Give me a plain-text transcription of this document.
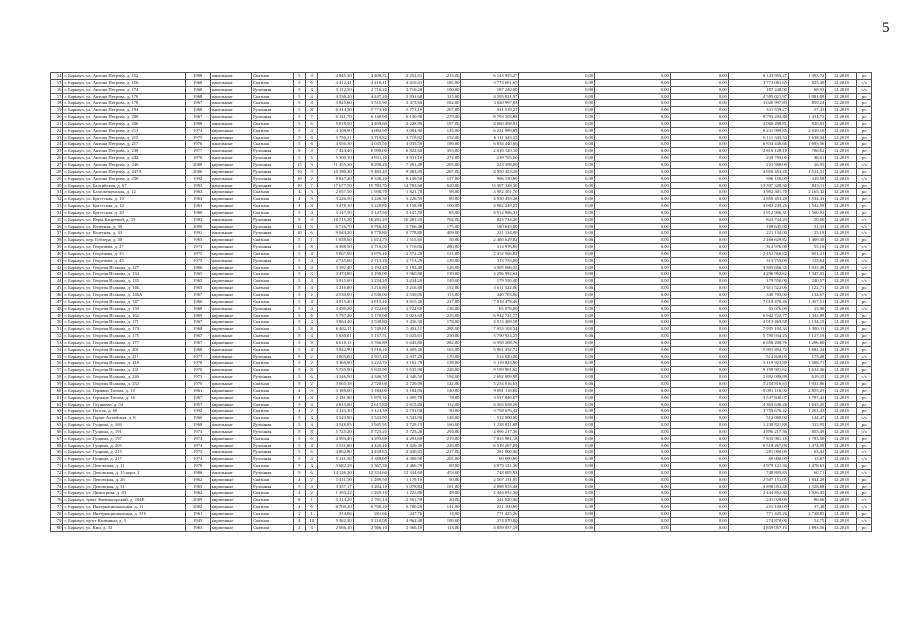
5
14	г. Барнаул, ул. Антона Петрова, д. 152	1968	панельные	Скатная	5	4	4 845,30	4 408,31	4 252,61	213,00	6 143 955,27	0,00	0,00	0,00	6 143 955,27	1 393,72	12.2018	ро
15	г. Барнаул, ул. Антона Петрова, д. 156	1968	панельные	Скатная	5	6	4 412,41	4 410,41	4 410,41	185,00	3 773 061,65	0,00	0,00	0,00	3 773 061,65	855,49	12.2018	с/с
16	г. Барнаул, ул. Антона Петрова, д. 174	1968	панельные	Рулонная	5	4	3 112,50	2 716,20	2 716,20	100,00	187 240,00	0,00	0,00	0,00	187 240,00	68,93	12.2018	с/с
17	г. Барнаул, ул. Антона Петрова, д. 176	1968	панельные	Скатная	5	4	4 536,20	4 247,20	2 831,60	115,00	4 595 021,97	0,00	0,00	0,00	4 595 021,97	1 081,89	12.2018	ро
18	г. Барнаул, ул. Антона Петрова, д. 178	1967	панельные	Скатная	5	4	3 825,60	3 515,90	3 473,60	162,00	3 020 997,83	0,00	0,00	0,00	3 020 997,83	859,24	12.2018	ро
19	г. Барнаул, ул. Антона Петрова, д. 194	1968	панельные	Рулонная	5	8	6 214,50	5 773,10	5 773,10	267,00	331 539,27	0,00	0,00	0,00	331 539,27	57,43	12.2018	ро
20	г. Барнаул, ул. Антона Петрова, д. 200	1967	панельные	Рулонная	5	7	6 141,70	6 140,90	6 140,90	279,00	8 793 203,88	0,00	0,00	0,00	8 793 203,88	1 431,72	12.2018	ро
21	г. Барнаул, ул. Антона Петрова, д. 206	1968	панельные	Скатная	5	6	5 018,50	4 409,60	4 228,90	197,00	4 060 498,81	0,00	0,00	0,00	4 060 498,81	920,83	12.2018	ро
22	г. Барнаул, ул. Антона Петрова, д. 213	1974	кирпичные	Скатная	5	4	4 108,90	3 084,90	3 084,90	145,00	6 231 989,85	0,00	0,00	0,00	6 231 989,85	2 020,16	12.2018	ро
23	г. Барнаул, ул. Антона Петрова, д. 215	1975	кирпичные	Скатная	5	4	3 750,21	3 719,82	3 719,82	152,00	6 111 343,53	0,00	0,00	0,00	6 111 343,53	1 638,34	12.2018	ро
24	г. Барнаул, ул. Антона Петрова, д. 217	1976	панельные	Скатная	5	6	4 056,30	4 035,50	4 035,50	186,00	6 834 440,66	0,00	0,00	0,00	6 834 440,66	1 693,56	12.2018	ро
25	г. Барнаул, ул. Антона Петрова, д. 238	1977	панельные	Рулонная	9	4	7 423,40	6 998,00	6 822,60	353,00	2 610 120,10	0,00	0,00	0,00	2 610 120,10	786,62	12.2018	ро
26	г. Барнаул, ул. Антона Петрова, д. 242	1970	панельные	Рулонная	5	5	5 300,10	4 931,10	4 931,10	272,00	239 705,00	0,00	0,00	0,00	239 705,00	48,61	12.2018	ро
27	г. Барнаул, ул. Антона Петрова, д. 246	2008	кирпичные	Рулонная	15	3	11 455,30	8 290,20	7 281,40	205,00	223 398,00	0,00	0,00	0,00	223 398,00	26,95	12.2018	с/с
28	г. Барнаул, ул. Антона Петрова, д. 247А	2006	кирпичные	Рулонная	10	3	10 180,30	9 483,40	9 483,40	267,00	4 950 453,28	0,00	0,00	0,00	4 950 453,28	1 534,31	12.2018	ро
29	г. Барнаул, ул. Антона Петрова, д. 250	1992	панельные	Рулонная	10	2	8 847,20	8 330,20	8 149,50	157,00	996 150,00	0,00	0,00	0,00	996 150,00	119,58	12.2018	с/с
30	г. Барнаул, ул. Балтийская, д. 67	1993	панельные	Рулонная	10	7	17 677,50	15 783,70	14 783,60	620,00	13 307 328,30	0,00	0,00	0,00	13 307 328,30	843,11	12.2018	ро
31	г. Барнаул, ул. Благовещенская, д. 12	1963	кирпичные	Скатная	4	3	2 057,50	1 930,70	1 821,70	98,00	3 982 301,70	0,00	0,00	0,00	3 982 301,70	2 165,32	12.2018	ро
32	г. Барнаул, ул. Брестская, д. 10	1964	кирпичные	Скатная	4	3	3 226,50	3 226,50	3 226,50	89,00	4 950 453,28	0,00	0,00	0,00	4 950 453,28	1 534,31	12.2018	ро
33	г. Барнаул, ул. Брестская, д. 12	1963	кирпичные	Скатная	4	3	3 478,10	3 229,80	3 158,80	100,00	4 982 249,25	0,00	0,00	0,00	4 982 249,25	1 542,59	12.2018	ро
34	г. Барнаул, ул. Брестская, д. 20	1980	кирпичные	Скатная	5	4	3 147,50	3 147,50	3 147,50	85,00	4 912 996,31	0,00	0,00	0,00	4 912 996,31	1 560,92	12.2018	ро
35	г. Барнаул, ул. Веры Кащеевой, д. 15	1983	панельные	Рулонная	9	4	18 715,20	16 281,20	16 281,20	702,00	823 734,20	0,00	0,00	0,00	823 734,20	50,60	12.2018	с/с
36	г. Барнаул, ул. Взлетная, д. 30	2006	кирпичные	Рулонная	12	3	6 726,70	5 766,40	5 766,40	175,00	180 645,00	0,00	0,00	0,00	180 645,00	31,33	12.2018	с/с
37	г. Барнаул, ул. Взлетная, д. 43	1991	панельные	Рулонная	10	6	9 944,20	8 778,80	8 778,80	409,00	221 134,00	0,00	0,00	0,00	221 134,00	25,19	12.2018	с/с
38	г. Барнаул, пер. Гоблера, д. 30	1965	кирпичные	Скатная	5	1	1 838,60	1 674,70	1 515,60	50,00	2 460 629,82	0,00	0,00	0,00	2 460 629,82	1 469,30	12.2018	ро
39	г. Барнаул, ул. Георгиева, д. 27	1973	кирпичные	Рулонная	5	8	6 388,50	5 716,00	5 716,00	280,00	314 976,00	0,00	0,00	0,00	314 976,00	55,10	12.2018	с/с
40	г. Барнаул, ул. Георгиева, д. 33	1975	кирпичные	Скатная	5	4	5 067,90	4 079,40	2 572,20	131,00	2 452 566,82	0,00	0,00	0,00	2 452 566,82	601,21	12.2018	ро
41	г. Барнаул, ул. Георгиева, д. 43	1975	панельные	Рулонная	5	4	2 745,60	2 713,20	2 713,20	139,00	313 755,00	0,00	0,00	0,00	313 755,00	115,64	12.2018	с/с
42	г. Барнаул, ул. Георгия Исакова, д. 127	1966	кирпичные	Скатная	5	4	3 192,40	3 192,40	3 192,40	128,00	3 305 666,35	0,00	0,00	0,00	3 305 666,35	1 035,48	12.2018	с/с
43	г. Барнаул, ул. Георгия Исакова, д. 134	1965	кирпичные	Скатная	5	3	3 473,80	3 190,00	3 060,80	139,00	4 296 992,62	0,00	0,00	0,00	4 296 992,62	1 347,02	12.2018	ро
44	г. Барнаул, ул. Георгия Исакова, д. 135	1965	кирпичные	Скатная	5	4	3 915,00	3 234,20	3 234,20	149,00	179 550,00	0,00	0,00	0,00	179 550,00	240,57	12.2018	с/с
45	г. Барнаул, ул. Георгия Исакова, д. 146	1965	кирпичные	Скатная	5	4	3 216,80	3 216,80	3 216,80	152,00	3 611 522,06	0,00	0,00	0,00	3 611 522,06	1 122,71	12.2018	ро
46	г. Барнаул, ул. Георгия Исакова, д. 146А	1967	кирпичные	Скатная	5	2	2 530,00	2 530,00	2 530,00	113,00	340 703,00	0,00	0,00	0,00	340 703,00	134,67	12.2018	с/с
47	г. Барнаул, ул. Георгия Исакова, д. 147	1966	кирпичные	Скатная	5	4	4 815,40	4 815,40	4 815,40	237,00	7 018 478,46	0,00	0,00	0,00	7 018 478,46	1 457,51	12.2018	ро
48	г. Барнаул, ул. Георгия Исакова, д. 159	1968	панельные	Рулонная	5	4	3 430,20	2 722,60	2 722,60	136,00	65 076,00	0,00	0,00	0,00	65 076,00	23,90	12.2018	с/с
49	г. Барнаул, ул. Георгия Исакова, д. 162	1969	кирпичные	Скатная	5	6	5 797,20	5 170,00	5 023,60	225,00	6 942 722,77	0,00	0,00	0,00	6 942 722,77	1 342,89	12.2018	ро
50	г. Барнаул, ул. Георгия Исакова, д. 171	1967	кирпичные	Скатная	5	4	3 864,40	3 538,80	3 436,30	178,00	4 013 469,58	0,00	0,00	0,00	4 013 469,58	1 134,15	12.2018	ро
51	г. Барнаул, ул. Георгия Исакова, д. 173	1968	кирпичные	Скатная	5	8	6 402,11	5 749,61	5 452,11	288,00	7 935 104,34	0,00	0,00	0,00	7 935 104,34	1 380,11	12.2018	ро
52	г. Барнаул, ул. Георгия Исакова, д. 175	1967	панельные	Скатная	5	4	5 630,01	5 137,51	5 025,61	250,00	5 790 934,25	0,00	0,00	0,00	5 790 934,25	1 127,19	12.2018	ро
53	г. Барнаул, ул. Георгия Исакова, д. 177	1967	кирпичные	Скатная	5	8	6 610,11	5 766,80	5 643,80	282,00	6 958 208,76	0,00	0,00	0,00	6 958 208,76	1 206,60	12.2018	ро
54	г. Барнаул, ул. Георгия Исакова, д. 201	1968	панельные	Скатная	5	4	3 842,90	3 510,20	3 405,40	163,00	5 901 492,72	0,00	0,00	0,00	5 901 492,72	1 681,24	12.2018	ро
55	г. Барнаул, ул. Георгия Исакова, д. 211	1977	панельные	Рулонная	9	2	3 805,00	2 937,20	2 937,20	170,00	514 820,00	0,00	0,00	0,00	514 820,00	175,28	12.2018	с/с
56	г. Барнаул, ул. Георгия Исакова, д. 218	1978	кирпичные	Скатная	5	2	3 366,90	3 222,70	3 162,70	158,00	5 119 923,80	0,00	0,00	0,00	5 119 923,80	1 588,71	12.2018	ро
57	г. Барнаул, ул. Георгия Исакова, д. 231	1970	панельные	Скатная	5	8	5 735,90	5 635,90	5 635,90	226,00	9 199 901,62	0,00	0,00	0,00	9 199 901,62	1 632,36	12.2018	ро
58	г. Барнаул, ул. Георгия Исакова, д. 246	1973	панельные	Рулонная	5	6	4 346,50	4 346,50	4 346,50	194,00	2 692 009,99	0,00	0,00	0,00	2 692 009,99	619,35	12.2018	с/с
59	г. Барнаул, ул. Георгия Исакова, д. 252	1970	панельные	Скатная	5	2	3 065,18	2 720,08	2 720,08	122,00	5 254 816,63	0,00	0,00	0,00	5 254 816,63	1 931,86	12.2018	ро
60	г. Барнаул, ул. Германа Титова, д. 10	1961	кирпичные	Скатная	4	3	3 188,00	3 184,00	3 184,00	140,00	9 091 116,00	0,00	0,00	0,00	9 091 116,00	2 855,25	12.2018	ро
61	г. Барнаул, ул. Германа Титова, д. 16	1967	кирпичные	Скатная	4	3	2 131,90	1 979,30	1 495,70	78,00	3 537 840,07	0,00	0,00	0,00	3 537 840,07	1 787,42	12.2018	ро
62	г. Барнаул, ул. Глушкова, д. 54	1957	кирпичные	Скатная	5	4	2 615,80	2 615,80	2 615,80	112,00	4 303 638,26	0,00	0,00	0,00	4 303 638,26	1 645,25	12.2018	ро
63	г. Барнаул, ул. Гоголя, д. 60	1992	кирпичные	Скатная	4	2	3 123,30	3 123,30	2 731,00	59,00	3 758 676,42	0,00	0,00	0,00	3 758 676,42	1 203,43	12.2018	ро
64	г. Барнаул, ул. Горно-Алтайская, д. 8	1966	кирпичные	Скатная	5	4	3 543,90	3 543,90	3 543,90	146,00	512 000,00	0,00	0,00	0,00	512 000,00	144,47	12.2018	с/с
65	г. Барнаул, ул. Гущина, д. 169	1968	панельные	Рулонная	5	4	4 548,95	3 945,95	3 729,15	166,00	1 238 821,88	0,00	0,00	0,00	1 238 821,88	313,95	12.2018	ро
66	г. Барнаул, ул. Гущина, д. 191	1974	панельные	Рулонная	5	8	5 725,20	5 725,20	5 725,20	294,00	4 896 217,36	0,00	0,00	0,00	4 896 217,36	855,49	12.2018	с/с
67	г. Барнаул, ул. Гущина, д. 197	1974	кирпичные	Скатная	5	6	4 593,40	4 293,60	4 293,60	219,00	7 835 981,18	0,00	0,00	0,00	7 835 981,18	1 783,50	12.2018	ро
68	г. Барнаул, ул. Гущина, д. 205	1974	кирпичные	Рулонная	5	4	3 531,60	4 420,40	4 420,40	226,00	6 518 267,09	0,00	0,00	0,00	6 518 267,09	1 474,59	12.2018	ро
69	г. Барнаул, ул. Гущина, д. 215	1975	панельные	Рулонная	5	6	4 862,80	4 430,65	4 430,65	237,00	281 000,00	0,00	0,00	0,00	281 000,00	63,42	12.2018	с/с
70	г. Барнаул, ул. Гущина, д. 217	1974	кирпичные	Рулонная	5	4	5 141,30	4 389,90	4 389,90	205,00	60 000,00	0,00	0,00	0,00	60 000,00	13,67	12.2018	с/с
71	г. Барнаул, ул. Деповская, д. 11	1970	кирпичные	Скатная	5	4	3 682,29	3 367,39	2 466,79	69,00	4 979 121,36	0,00	0,00	0,00	4 979 121,36	1 478,63	12.2018	ро
72	г. Барнаул, ул. Деповская, д. 15 корп. 2	1986	панельные	Рулонная	9	6	14 126,20	12 334,60	12 334,60	453,00	748 805,83	0,00	0,00	0,00	748 805,83	60,71	12.2018	с/с
73	г. Барнаул, ул. Деповская, д. 26	1962	кирпичные	Скатная	4	2	1 411,50	1 289,50	1 179,10	50,00	2 507 151,05	0,00	0,00	0,00	2 507 151,05	1 944,28	12.2018	ро
74	г. Барнаул, ул. Деповская, д. 31	1963	кирпичные	Рулонная	5	4	3 357,17	3 204,10	3 078,84	101,00	4 898 053,48	0,00	0,00	0,00	4 898 053,48	1 528,68	12.2018	ро
75	г. Барнаул, ул. Димитрова, д. 83	1962	кирпичные	Скатная	4	2	1 393,22	1 269,10	1 225,80	48,00	2 444 852,30	0,00	0,00	0,00	2 444 852,30	1 926,45	12.2018	ро
76	г. Барнаул, тракт Змеиногорский, д. 104Е	2009	кирпичные	Скатная	8	1	3 214,20	2 781,14	2 561,50	20,00	241 020,00	0,00	0,00	0,00	241 020,00	86,66	12.2018	с/с
77	г. Барнаул, ул. Интернациональная, д. 11	2002	кирпичные	Скатная	4	6	6 700,20	6 700,20	6 700,20	141,00	251 100,00	0,00	0,00	0,00	251 100,00	37,48	12.2018	с/с
78	г. Барнаул, ул. Интернациональная, д. 316	1961	кирпичные	Скатная	2	1	314,06	281,66	247,76	14,00	771 425,26	0,00	0,00	0,00	771 425,26	2 738,85	12.2018	ро
79	г. Барнаул, пр-кт Калинина, д. 5	1945	кирпичные	Скатная	4	10	5 362,30	5 210,08	4 962,48	189,00	274 870,00	0,00	0,00	0,00	274 870,00	52,75	12.2018	с/с
80	г. Барнаул, ул. Кии, д. 33	1963	кирпичные	Скатная	4	4	2 566,10	2 566,10	2 566,10	113,00	4 859 057,19	0,00	0,00	0,00	4 859 057,19	1 893,56	12.2018	ро
